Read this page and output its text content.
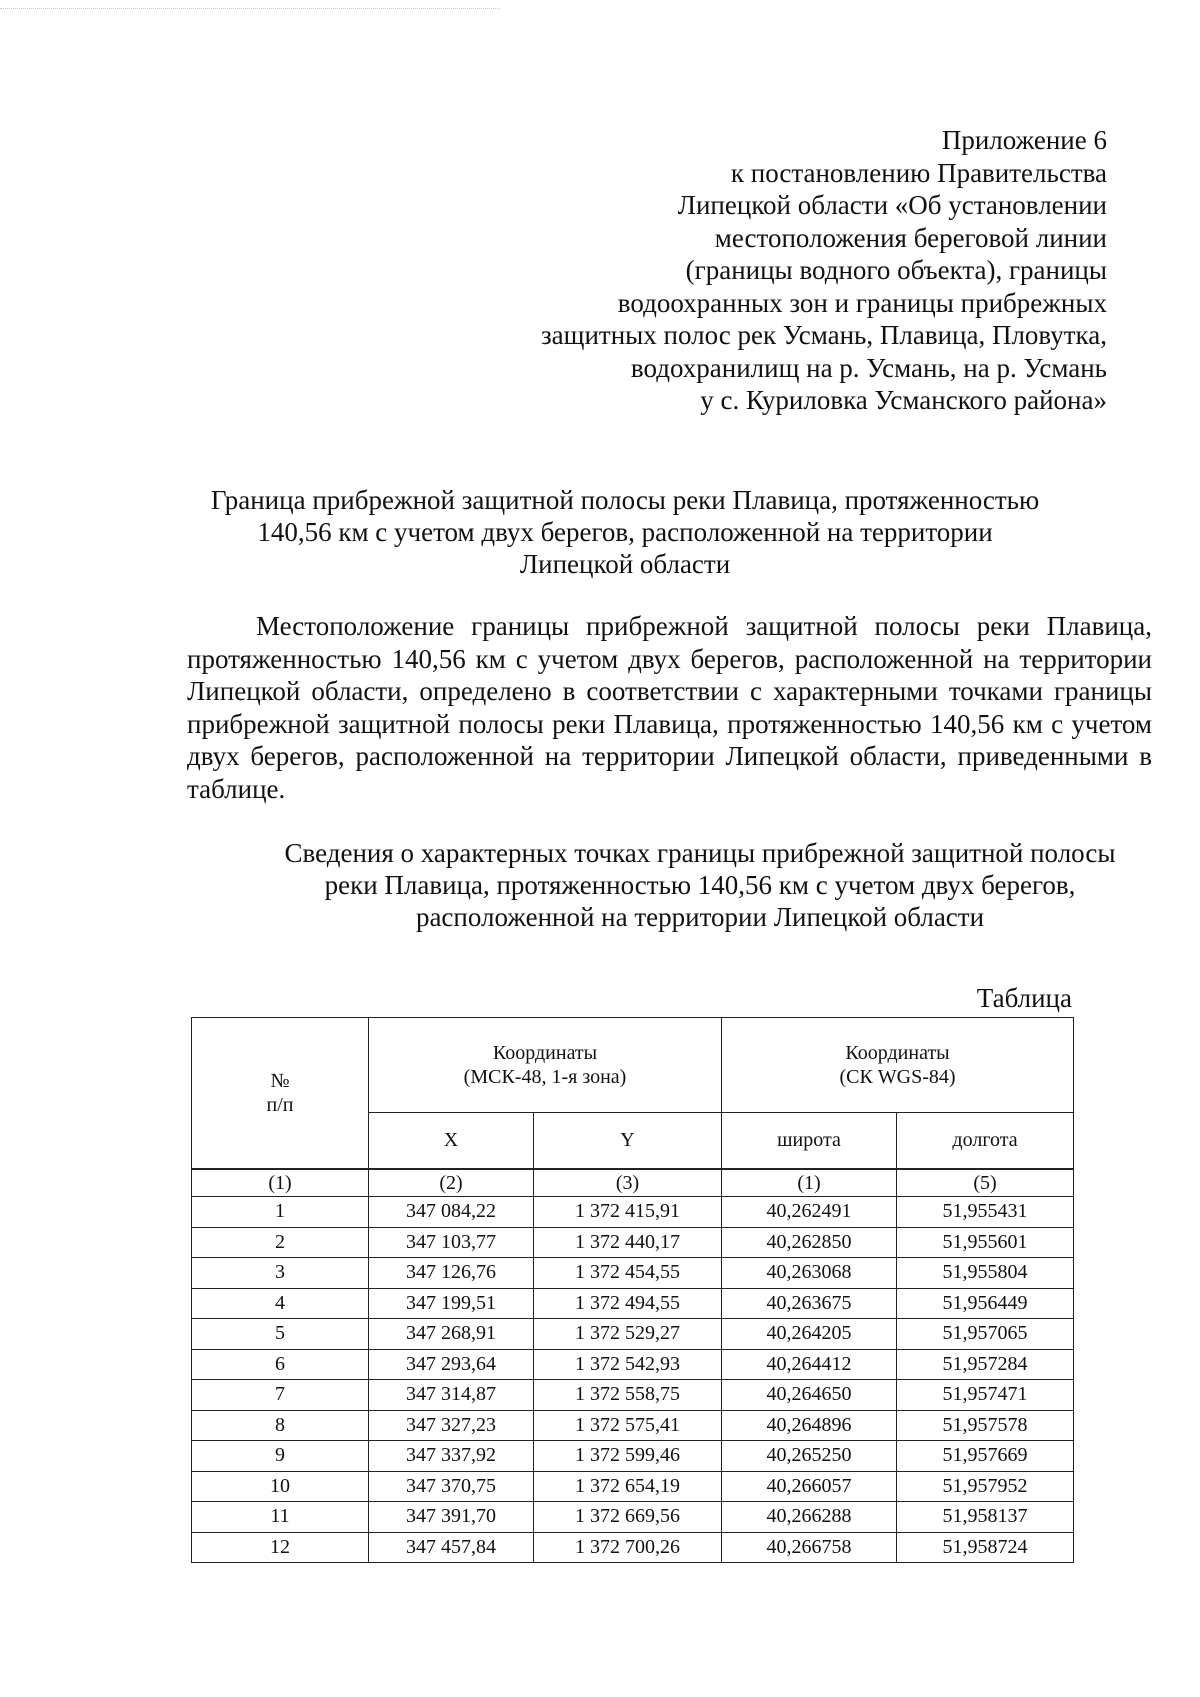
Приложение 6
к постановлению Правительства
Липецкой области «Об установлении
местоположения береговой линии
(границы водного объекта), границы
водоохранных зон и границы прибрежных
защитных полос рек Усмань, Плавица, Пловутка,
водохранилищ на р. Усмань, на р. Усмань
у с. Куриловка Усманского района»
Граница прибрежной защитной полосы реки Плавица, протяженностью
140,56 км с учетом двух берегов, расположенной на территории
Липецкой области

Местоположение границы прибрежной защитной полосы реки Плавица, протяженностью 140,56 км с учетом двух берегов, расположенной на территории Липецкой области, определено в соответствии с характерными точками границы прибрежной защитной полосы реки Плавица, протяженностью 140,56 км с учетом двух берегов, расположенной на территории Липецкой области, приведенными в таблице.

Сведения о характерных точках границы прибрежной защитной полосы
реки Плавица, протяженностью 140,56 км с учетом двух берегов,
расположенной на территории Липецкой области
Таблица
№
п/п	Координаты
(МСК-48, 1-я зона)		Координаты
(СК WGS-84)	

	X	Y	широта	долгота
(1)	(2)	(3)	(1)	(5)
1	347 084,22	1 372 415,91	40,262491	51,955431
2	347 103,77	1 372 440,17	40,262850	51,955601
3	347 126,76	1 372 454,55	40,263068	51,955804
4	347 199,51	1 372 494,55	40,263675	51,956449
5	347 268,91	1 372 529,27	40,264205	51,957065
6	347 293,64	1 372 542,93	40,264412	51,957284
7	347 314,87	1 372 558,75	40,264650	51,957471
8	347 327,23	1 372 575,41	40,264896	51,957578
9	347 337,92	1 372 599,46	40,265250	51,957669
10	347 370,75	1 372 654,19	40,266057	51,957952
11	347 391,70	1 372 669,56	40,266288	51,958137
12	347 457,84	1 372 700,26	40,266758	51,958724
